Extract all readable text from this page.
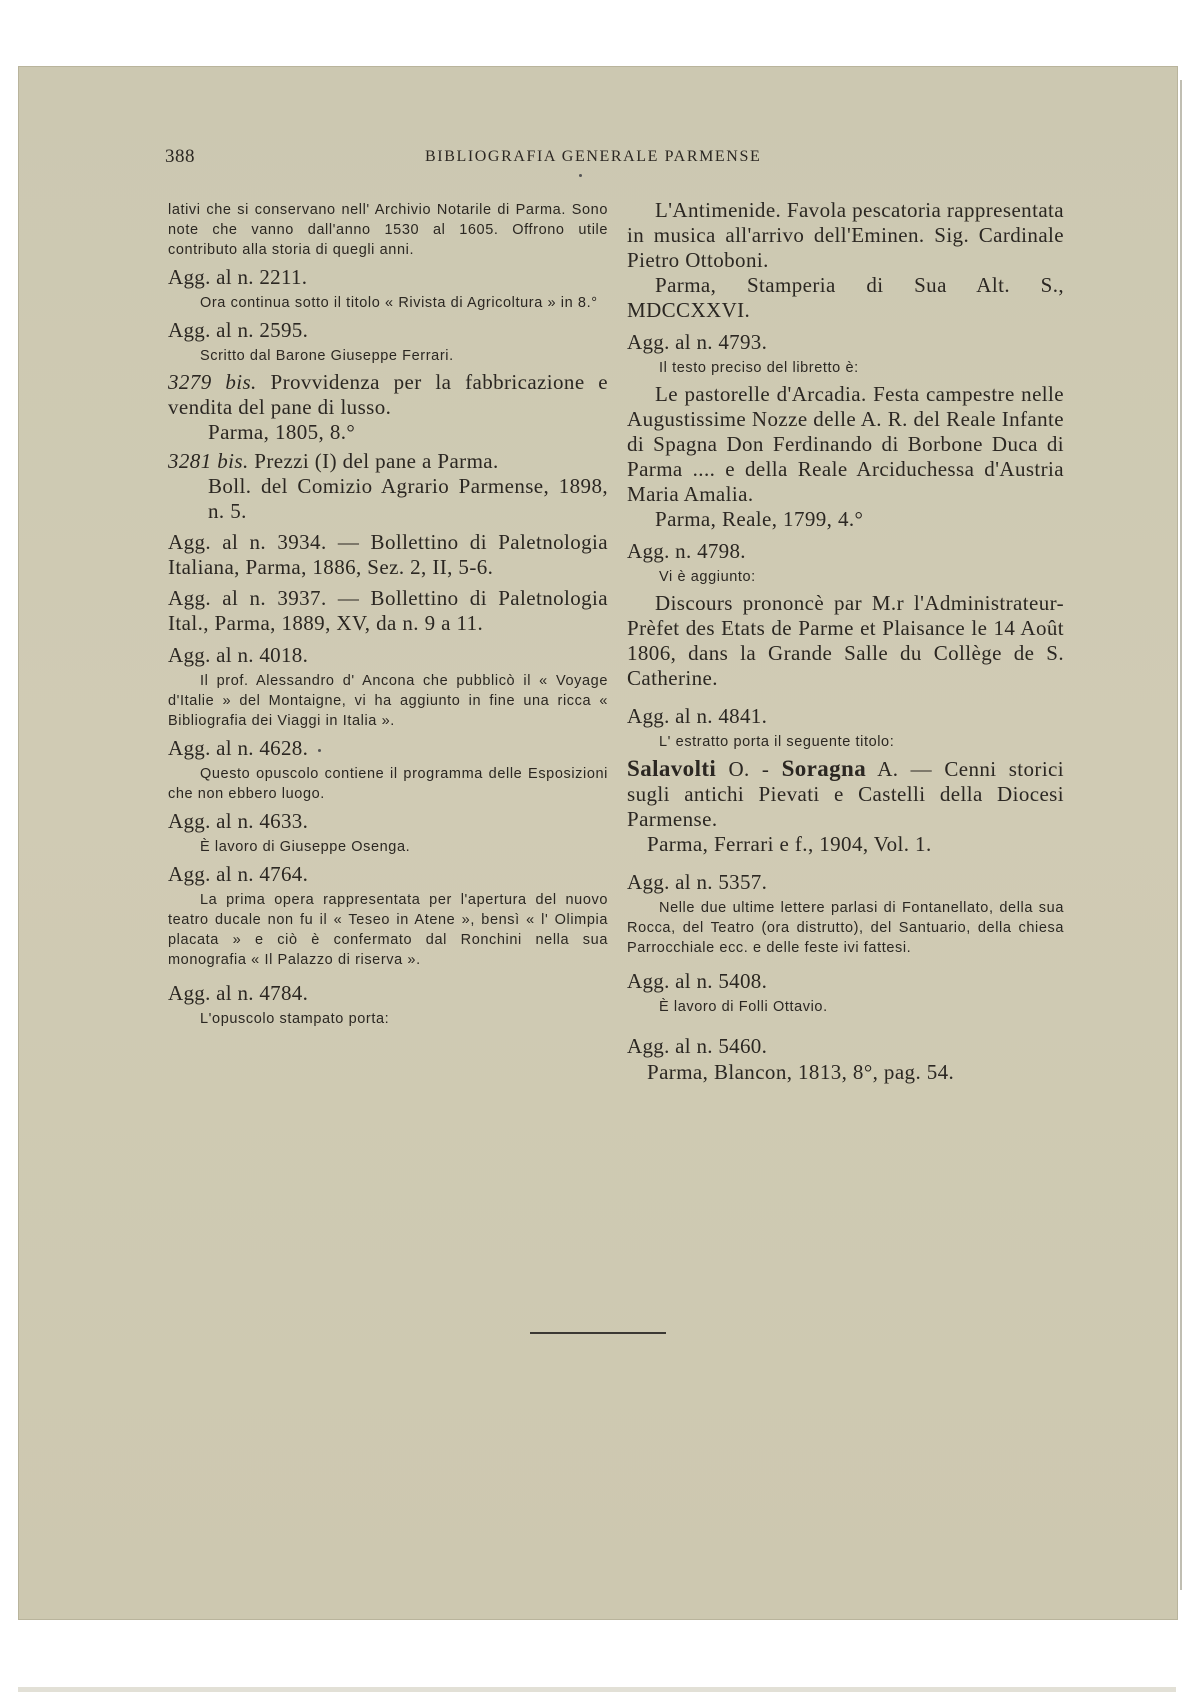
388	BIBLIOGRAFIA GENERALE PARMENSE

lativi che si conservano nell' Archivio Notarile di Parma. Sono note che vanno dall'anno 1530 al 1605. Offrono utile contributo alla storia di quegli anni.

Agg. al n. 2211.

Ora continua sotto il titolo « Rivista di Agricoltura » in 8.°

Agg. al n. 2595.

Scritto dal Barone Giuseppe Ferrari.

3279 bis. Provvidenza per la fabbricazione e vendita del pane di lusso.

Parma, 1805, 8.°

3281 bis. Prezzi (I) del pane a Parma.

Boll. del Comizio Agrario Parmense, 1898, n. 5.

Agg. al n. 3934. — Bollettino di Paletnologia Italiana, Parma, 1886, Sez. 2, II, 5-6.

Agg. al n. 3937. — Bollettino di Paletnologia Ital., Parma, 1889, XV, da n. 9 a 11.

Agg. al n. 4018.

Il prof. Alessandro d' Ancona che pubblicò il « Voyage d'Italie » del Montaigne, vi ha aggiunto in fine una ricca « Bibliografia dei Viaggi in Italia ».

Agg. al n. 4628.

Questo opuscolo contiene il programma delle Esposizioni che non ebbero luogo.

Agg. al n. 4633.

È lavoro di Giuseppe Osenga.

Agg. al n. 4764.

La prima opera rappresentata per l'apertura del nuovo teatro ducale non fu il « Teseo in Atene », bensì « l' Olimpia placata » e ciò è confermato dal Ronchini nella sua monografia « Il Palazzo di riserva ».

Agg. al n. 4784.

L'opuscolo stampato porta:

L'Antimenide. Favola pescatoria rappresentata in musica all'arrivo dell'Eminen. Sig. Cardinale Pietro Ottoboni.

Parma, Stamperia di Sua Alt. S., MDCCXXVI.

Agg. al n. 4793.

Il testo preciso del libretto è:

Le pastorelle d'Arcadia. Festa campestre nelle Augustissime Nozze delle A. R. del Reale Infante di Spagna Don Ferdinando di Borbone Duca di Parma .... e della Reale Arciduchessa d'Austria Maria Amalia.

Parma, Reale, 1799, 4.°

Agg. n. 4798.

Vi è aggiunto:

Discours prononcè par M.r l'Administrateur-Prèfet des Etats de Parme et Plaisance le 14 Août 1806, dans la Grande Salle du Collège de S. Catherine.

Agg. al n. 4841.

L' estratto porta il seguente titolo:

Salavolti O. - Soragna A. — Cenni storici sugli antichi Pievati e Castelli della Diocesi Parmense.

Parma, Ferrari e f., 1904, Vol. 1.

Agg. al n. 5357.

Nelle due ultime lettere parlasi di Fontanellato, della sua Rocca, del Teatro (ora distrutto), del Santuario, della chiesa Parrocchiale ecc. e delle feste ivi fattesi.

Agg. al n. 5408.

È lavoro di Folli Ottavio.

Agg. al n. 5460.

Parma, Blancon, 1813, 8°, pag. 54.
